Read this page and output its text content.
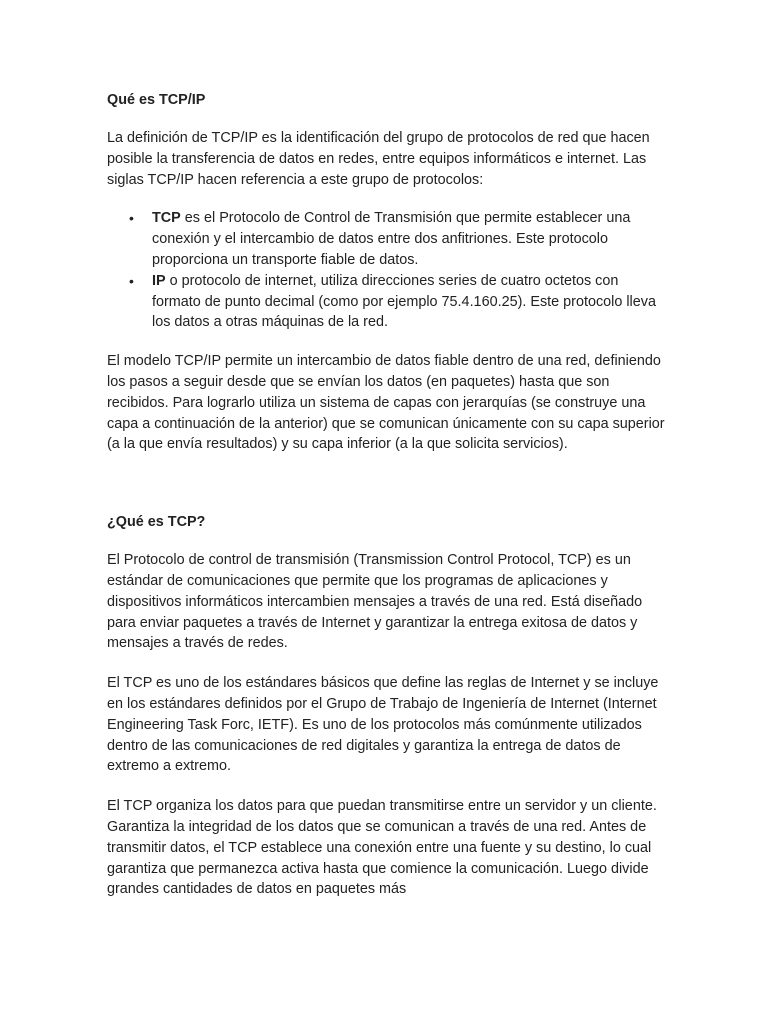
Qué es TCP/IP

La definición de TCP/IP es la identificación del grupo de protocolos de red que hacen posible la transferencia de datos en redes, entre equipos informáticos e internet. Las siglas TCP/IP hacen referencia a este grupo de protocolos:

• TCP es el Protocolo de Control de Transmisión que permite establecer una conexión y el intercambio de datos entre dos anfitriones. Este protocolo proporciona un transporte fiable de datos.
• IP o protocolo de internet, utiliza direcciones series de cuatro octetos con formato de punto decimal (como por ejemplo 75.4.160.25). Este protocolo lleva los datos a otras máquinas de la red.

El modelo TCP/IP permite un intercambio de datos fiable dentro de una red, definiendo los pasos a seguir desde que se envían los datos (en paquetes) hasta que son recibidos. Para lograrlo utiliza un sistema de capas con jerarquías (se construye una capa a continuación de la anterior) que se comunican únicamente con su capa superior (a la que envía resultados) y su capa inferior (a la que solicita servicios).

¿Qué es TCP?

El Protocolo de control de transmisión (Transmission Control Protocol, TCP) es un estándar de comunicaciones que permite que los programas de aplicaciones y dispositivos informáticos intercambien mensajes a través de una red. Está diseñado para enviar paquetes a través de Internet y garantizar la entrega exitosa de datos y mensajes a través de redes.

El TCP es uno de los estándares básicos que define las reglas de Internet y se incluye en los estándares definidos por el Grupo de Trabajo de Ingeniería de Internet (Internet Engineering Task Forc, IETF). Es uno de los protocolos más comúnmente utilizados dentro de las comunicaciones de red digitales y garantiza la entrega de datos de extremo a extremo.

El TCP organiza los datos para que puedan transmitirse entre un servidor y un cliente. Garantiza la integridad de los datos que se comunican a través de una red. Antes de transmitir datos, el TCP establece una conexión entre una fuente y su destino, lo cual garantiza que permanezca activa hasta que comience la comunicación. Luego divide grandes cantidades de datos en paquetes más
